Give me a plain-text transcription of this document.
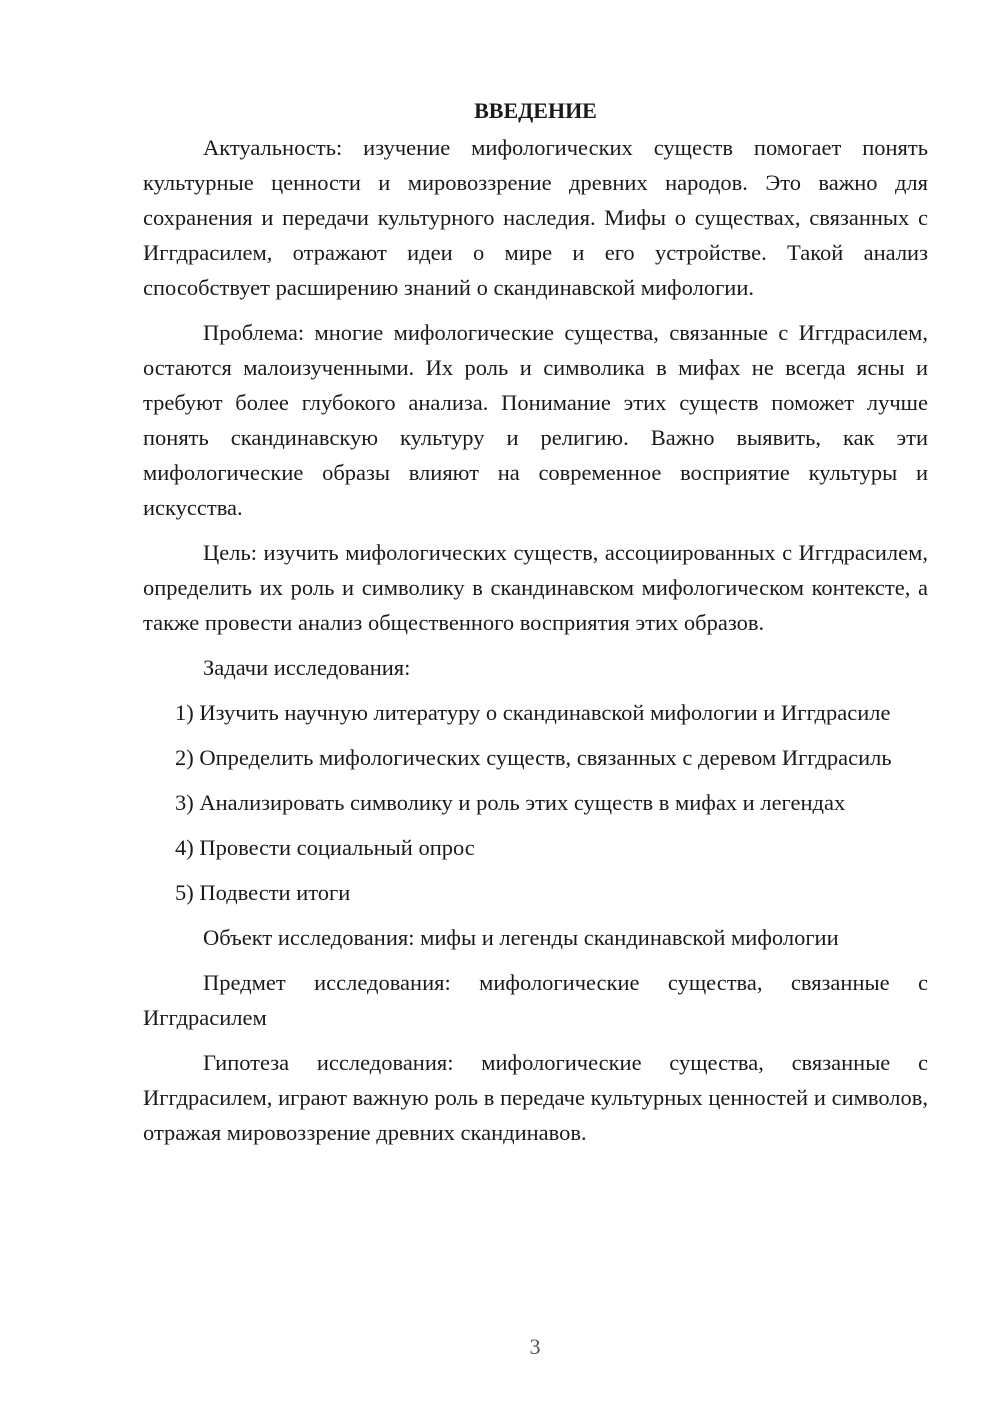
ВВЕДЕНИЕ

Актуальность: изучение мифологических существ помогает понять культурные ценности и мировоззрение древних народов. Это важно для сохранения и передачи культурного наследия. Мифы о существах, связанных с Иггдрасилем, отражают идеи о мире и его устройстве. Такой анализ способствует расширению знаний о скандинавской мифологии.

Проблема: многие мифологические существа, связанные с Иггдрасилем, остаются малоизученными. Их роль и символика в мифах не всегда ясны и требуют более глубокого анализа. Понимание этих существ поможет лучше понять скандинавскую культуру и религию. Важно выявить, как эти мифологические образы влияют на современное восприятие культуры и искусства.

Цель: изучить мифологических существ, ассоциированных с Иггдрасилем, определить их роль и символику в скандинавском мифологическом контексте, а также провести анализ общественного восприятия этих образов.

Задачи исследования:

1) Изучить научную литературу о скандинавской мифологии и Иггдрасиле

2) Определить мифологических существ, связанных с деревом Иггдрасиль

3) Анализировать символику и роль этих существ в мифах и легендах

4) Провести социальный опрос

5) Подвести итоги

Объект исследования: мифы и легенды скандинавской мифологии

Предмет исследования: мифологические существа, связанные с Иггдрасилем

Гипотеза исследования: мифологические существа, связанные с Иггдрасилем, играют важную роль в передаче культурных ценностей и символов, отражая мировоззрение древних скандинавов.

3
